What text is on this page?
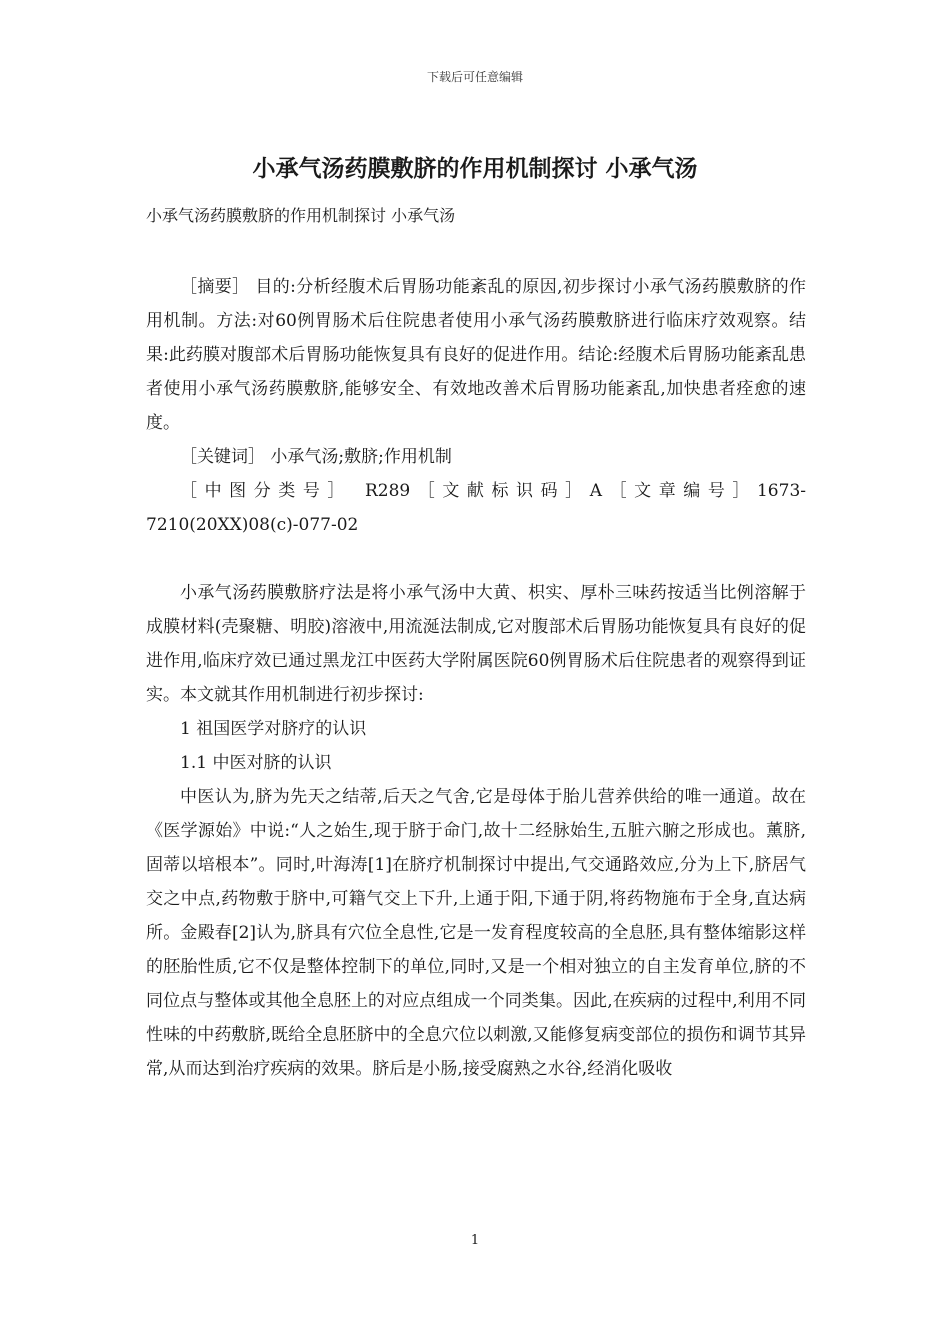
下载后可任意编辑
小承气汤药膜敷脐的作用机制探讨 小承气汤

小承气汤药膜敷脐的作用机制探讨 小承气汤

［摘要］ 目的:分析经腹术后胃肠功能紊乱的原因,初步探讨小承气汤药膜敷脐的作用机制。方法:对60例胃肠术后住院患者使用小承气汤药膜敷脐进行临床疗效观察。结果:此药膜对腹部术后胃肠功能恢复具有良好的促进作用。结论:经腹术后胃肠功能紊乱患者使用小承气汤药膜敷脐,能够安全、有效地改善术后胃肠功能紊乱,加快患者痊愈的速度。

［关键词］ 小承气汤;敷脐;作用机制

［中图分类号］ R289［文献标识码］A［文章编号］1673-7210(20XX)08(c)-077-02

小承气汤药膜敷脐疗法是将小承气汤中大黄、枳实、厚朴三味药按适当比例溶解于成膜材料(壳聚糖、明胶)溶液中,用流涎法制成,它对腹部术后胃肠功能恢复具有良好的促进作用,临床疗效已通过黑龙江中医药大学附属医院60例胃肠术后住院患者的观察得到证实。本文就其作用机制进行初步探讨:

1 祖国医学对脐疗的认识

1.1 中医对脐的认识

中医认为,脐为先天之结蒂,后天之气舍,它是母体于胎儿营养供给的唯一通道。故在《医学源始》中说:“人之始生,现于脐于命门,故十二经脉始生,五脏六腑之形成也。薰脐,固蒂以培根本”。同时,叶海涛[1]在脐疗机制探讨中提出,气交通路效应,分为上下,脐居气交之中点,药物敷于脐中,可籍气交上下升,上通于阳,下通于阴,将药物施布于全身,直达病所。金殿春[2]认为,脐具有穴位全息性,它是一发育程度较高的全息胚,具有整体缩影这样的胚胎性质,它不仅是整体控制下的单位,同时,又是一个相对独立的自主发育单位,脐的不同位点与整体或其他全息胚上的对应点组成一个同类集。因此,在疾病的过程中,利用不同性味的中药敷脐,既给全息胚脐中的全息穴位以刺激,又能修复病变部位的损伤和调节其异常,从而达到治疗疾病的效果。脐后是小肠,接受腐熟之水谷,经消化吸收

1
